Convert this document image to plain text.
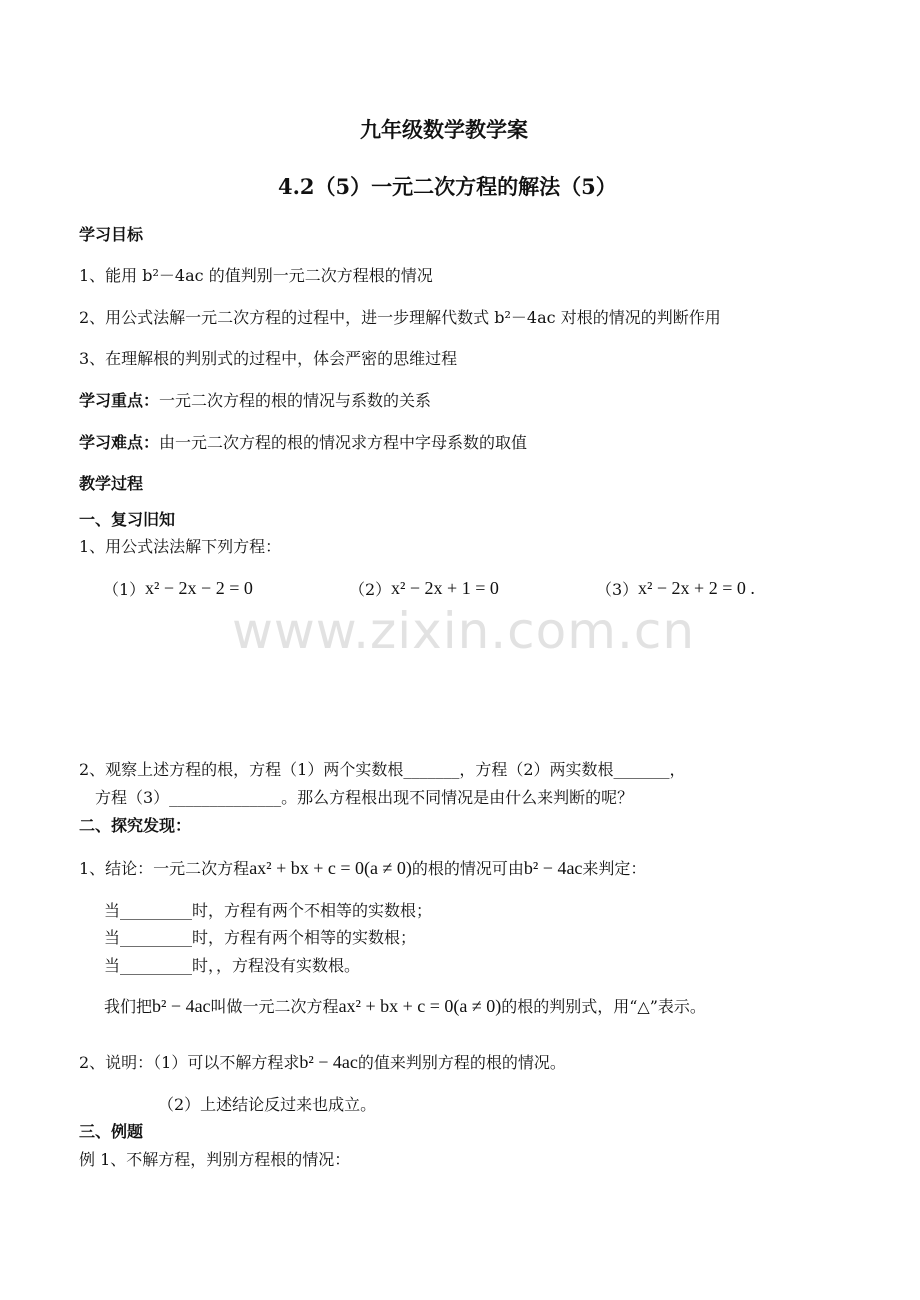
www.zixin.com.cn
九年级数学教学案
4.2（5）一元二次方程的解法（5）
学习目标
1、能用 b²－4ac 的值判别一元二次方程根的情况
2、用公式法解一元二次方程的过程中，进一步理解代数式 b²－4ac 对根的情况的判断作用
3、在理解根的判别式的过程中，体会严密的思维过程
学习重点：一元二次方程的根的情况与系数的关系
学习难点：由一元二次方程的根的情况求方程中字母系数的取值
教学过程
一、复习旧知
1、用公式法法解下列方程：
（1） x² − 2x − 2 = 0	（2） x² − 2x + 1 = 0	（3） x² − 2x + 2 = 0 .
2、观察上述方程的根，方程（1）两个实数根_______，方程（2）两实数根_______，
方程（3）______________。那么方程根出现不同情况是由什么来判断的呢？
二、探究发现：
1、结论：一元二次方程ax² + bx + c = 0(a ≠ 0)的根的情况可由b² − 4ac来判定：
当_________时，方程有两个不相等的实数根；
当_________时，方程有两个相等的实数根；
当_________时，，方程没有实数根。
我们把b² − 4ac叫做一元二次方程ax² + bx + c = 0(a ≠ 0)的根的判别式，用“△”表示。
2、说明：（1）可以不解方程求b² − 4ac的值来判别方程的根的情况。
（2）上述结论反过来也成立。
三、例题
例 1、不解方程，判别方程根的情况：
